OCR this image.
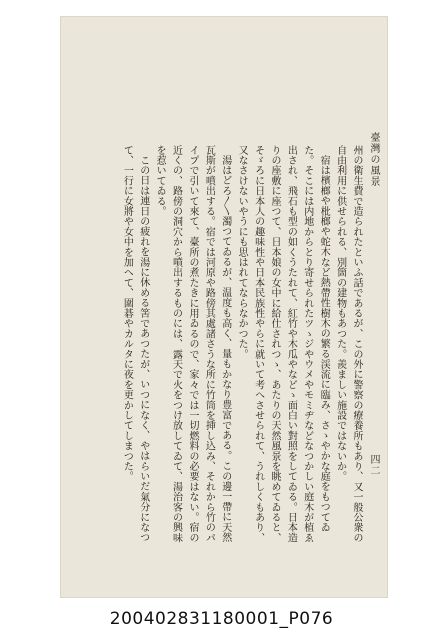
臺灣の風景
四二

州の衛生費で造られたといふ話であるが、この外に警察の療養所もあり、又一般公衆の自由利用に供せられる、別箇の建物もあつた。羨ましい施設ではないか。

宿は檳榔や枇榔や蛇木など熱帶性樹木の繁る渓流に臨み、さゝやかな庭をもつてゐた。そこには内地からとり寄せられたツゝジやウメやモミヂなどなつかしい庭木が植ゑ出され、飛石も型の如くうたれて、紅竹や木瓜やなどゝ面白い對照をしてゐる。日本造りの座敷に座つて、日本娘の女中に給仕されつゝ、あたりの天然風景を眺めてゐると、そゞろに日本人の趣味性や日本民族性やらに就いて考へさせられて、うれしくもあり、又なさけないやうにも思はれてならなかつた。

湯はどろ〳〵濁つてゐるが、温度も高く、量もかなり豊富である。この邊一帶に天然瓦斯が噴出する。宿では河原や路傍其處諸さうな所に竹筒を挿し込み、それから竹のパイプで引いて來て、臺所の煮たきに用ゐるので、家々では一切燃料の必要はない。宿の近くの、路傍の洞穴から噴出するものには、露天で火をつけ放してゐて、湯治客の興味を惹いてゐる。

この日は連日の疲れを湯に休める筈であつたが、いつになく、やはらいだ氣分になつて、一行に女將や女中を加へて、圍碁やカルタに夜を更かしてしまつた。

200402831180001_P076
